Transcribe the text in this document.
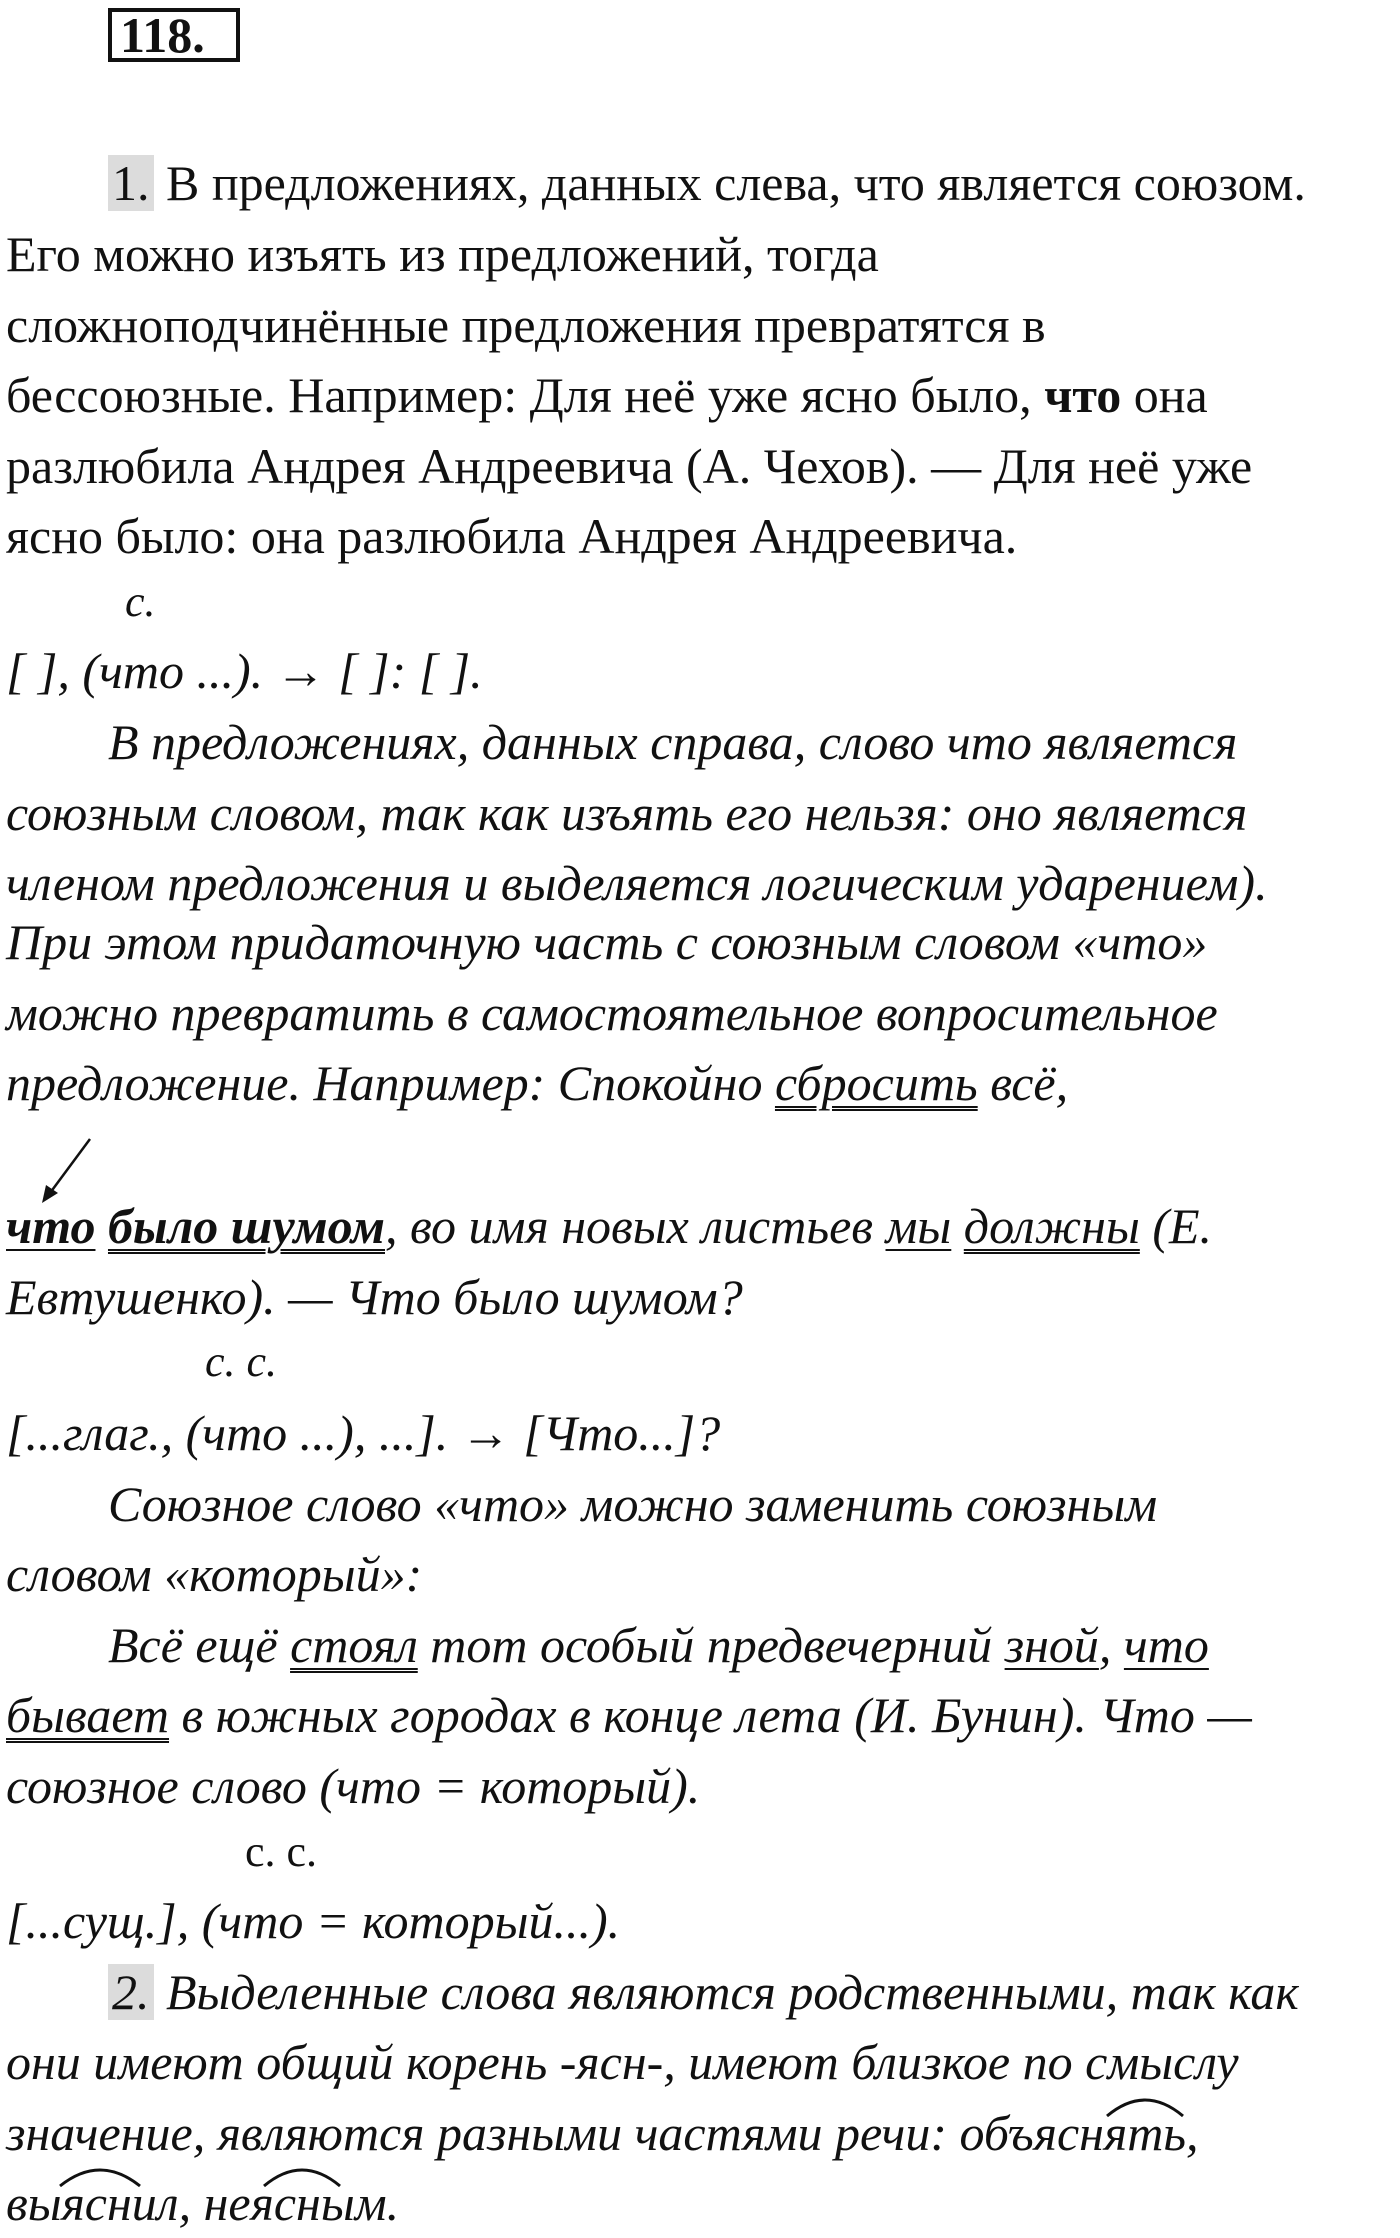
118.
1. В предложениях, данных слева, что является союзом.
Его можно изъять из предложений, тогда
сложноподчинённые предложения превратятся в
бессоюзные. Например: Для неё уже ясно было, что она
разлюбила Андрея Андреевича (А. Чехов). — Для неё уже
ясно было: она разлюбила Андрея Андреевича.
с.
[ ], (что ...). → [ ]: [ ].
В предложениях, данных справа, слово что является
союзным словом, так как изъять его нельзя: оно является
членом предложения и выделяется логическим ударением).
При этом придаточную часть с союзным словом «что»
можно превратить в самостоятельное вопросительное
предложение. Например: Спокойно сбросить всё,
что было шумом, во имя новых листьев мы должны (Е.
Евтушенко). — Что было шумом?
с. с.
[...глаг., (что ...), ...]. → [Что...]?
Союзное слово «что» можно заменить союзным
словом «который»:
Всё ещё стоял тот особый предвечерний зной, что
бывает в южных городах в конце лета (И. Бунин). Что —
союзное слово (что = который).
с. с.
[...сущ.], (что = который...).
2. Выделенные слова являются родственными, так как
они имеют общий корень -ясн-, имеют близкое по смыслу
значение, являются разными частями речи: объяснять,
выяснил, неясным.
